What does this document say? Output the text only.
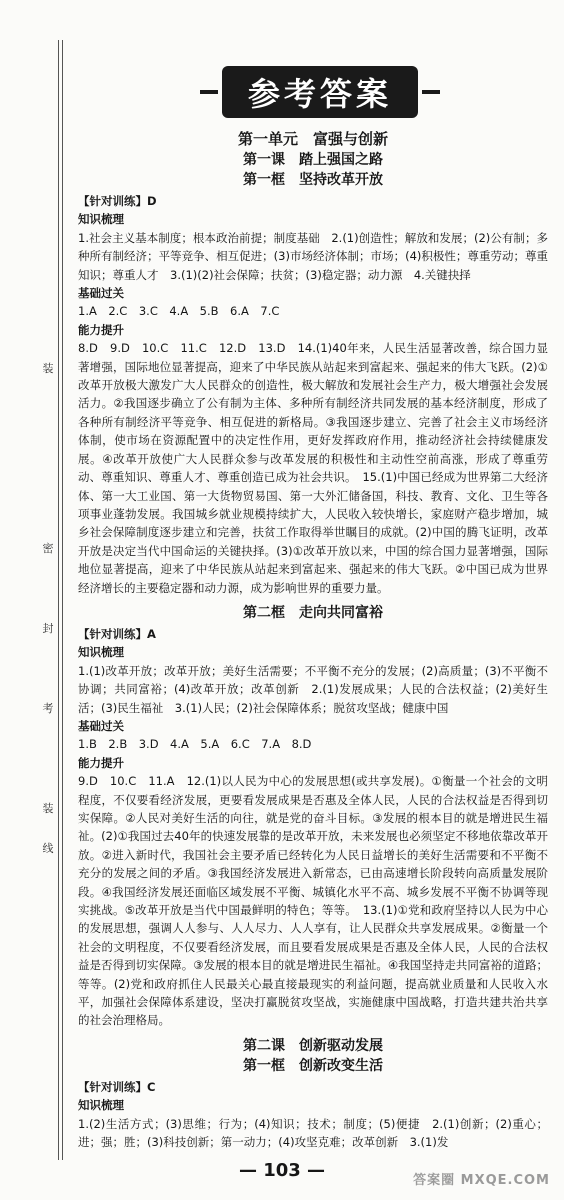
装
密
封
考
装
线
参考答案
第一单元　富强与创新
第一课　踏上强国之路
第一框　坚持改革开放
【针对训练】D
知识梳理

1.社会主义基本制度；根本政治前提；制度基础　2.(1)创造性；解放和发展；(2)公有制；多种所有制经济；平等竞争、相互促进；(3)市场经济体制；市场；(4)积极性；尊重劳动；尊重知识；尊重人才　3.(1)(2)社会保障；扶贫；(3)稳定器；动力源　4.关键抉择

基础过关

1.A　2.C　3.C　4.A　5.B　6.A　7.C

能力提升

8.D　9.D　10.C　11.C　12.D　13.D　14.(1)40年来，人民生活显著改善，综合国力显著增强，国际地位显著提高，迎来了中华民族从站起来到富起来、强起来的伟大飞跃。(2)①改革开放极大激发广大人民群众的创造性，极大解放和发展社会生产力，极大增强社会发展活力。②我国逐步确立了公有制为主体、多种所有制经济共同发展的基本经济制度，形成了各种所有制经济平等竞争、相互促进的新格局。③我国逐步建立、完善了社会主义市场经济体制，使市场在资源配置中的决定性作用，更好发挥政府作用，推动经济社会持续健康发展。④改革开放使广大人民群众参与改革发展的积极性和主动性空前高涨，形成了尊重劳动、尊重知识、尊重人才、尊重创造已成为社会共识。　15.(1)中国已经成为世界第二大经济体、第一大工业国、第一大货物贸易国、第一大外汇储备国，科技、教育、文化、卫生等各项事业蓬勃发展。我国城乡就业规模持续扩大，人民收入较快增长，家庭财产稳步增加，城乡社会保障制度逐步建立和完善，扶贫工作取得举世瞩目的成就。(2)中国的腾飞证明，改革开放是决定当代中国命运的关键抉择。(3)①改革开放以来，中国的综合国力显著增强，国际地位显著提高，迎来了中华民族从站起来到富起来、强起来的伟大飞跃。②中国已成为世界经济增长的主要稳定器和动力源，成为影响世界的重要力量。

第二框　走向共同富裕
【针对训练】A
知识梳理

1.(1)改革开放；改革开放；美好生活需要；不平衡不充分的发展；(2)高质量；(3)不平衡不协调；共同富裕；(4)改革开放；改革创新　2.(1)发展成果；人民的合法权益；(2)美好生活；(3)民生福祉　3.(1)人民；(2)社会保障体系；脱贫攻坚战；健康中国

基础过关

1.B　2.B　3.D　4.A　5.A　6.C　7.A　8.D

能力提升

9.D　10.C　11.A　12.(1)以人民为中心的发展思想(或共享发展)。①衡量一个社会的文明程度，不仅要看经济发展，更要看发展成果是否惠及全体人民，人民的合法权益是否得到切实保障。②人民对美好生活的向往，就是党的奋斗目标。③发展的根本目的就是增进民生福祉。(2)①我国过去40年的快速发展靠的是改革开放，未来发展也必须坚定不移地依靠改革开放。②进入新时代，我国社会主要矛盾已经转化为人民日益增长的美好生活需要和不平衡不充分的发展之间的矛盾。③我国经济发展进入新常态，已由高速增长阶段转向高质量发展阶段。④我国经济发展还面临区域发展不平衡、城镇化水平不高、城乡发展不平衡不协调等现实挑战。⑤改革开放是当代中国最鲜明的特色；等等。　13.(1)①党和政府坚持以人民为中心的发展思想，强调人人参与、人人尽力、人人享有，让人民群众共享发展成果。②衡量一个社会的文明程度，不仅要看经济发展，而且要看发展成果是否惠及全体人民，人民的合法权益是否得到切实保障。③发展的根本目的就是增进民生福祉。④我国坚持走共同富裕的道路；等等。(2)党和政府抓住人民最关心最直接最现实的利益问题，提高就业质量和人民收入水平，加强社会保障体系建设，坚决打赢脱贫攻坚战，实施健康中国战略，打造共建共治共享的社会治理格局。

第二课　创新驱动发展
第一框　创新改变生活
【针对训练】C
知识梳理

1.(2)生活方式；(3)思维；行为；(4)知识；技术；制度；(5)便捷　2.(1)创新；(2)重心；进；强；胜；(3)科技创新；第一动力；(4)攻坚克难；改革创新　3.(1)发

— 103 —	答案圈 MXQE.COM
